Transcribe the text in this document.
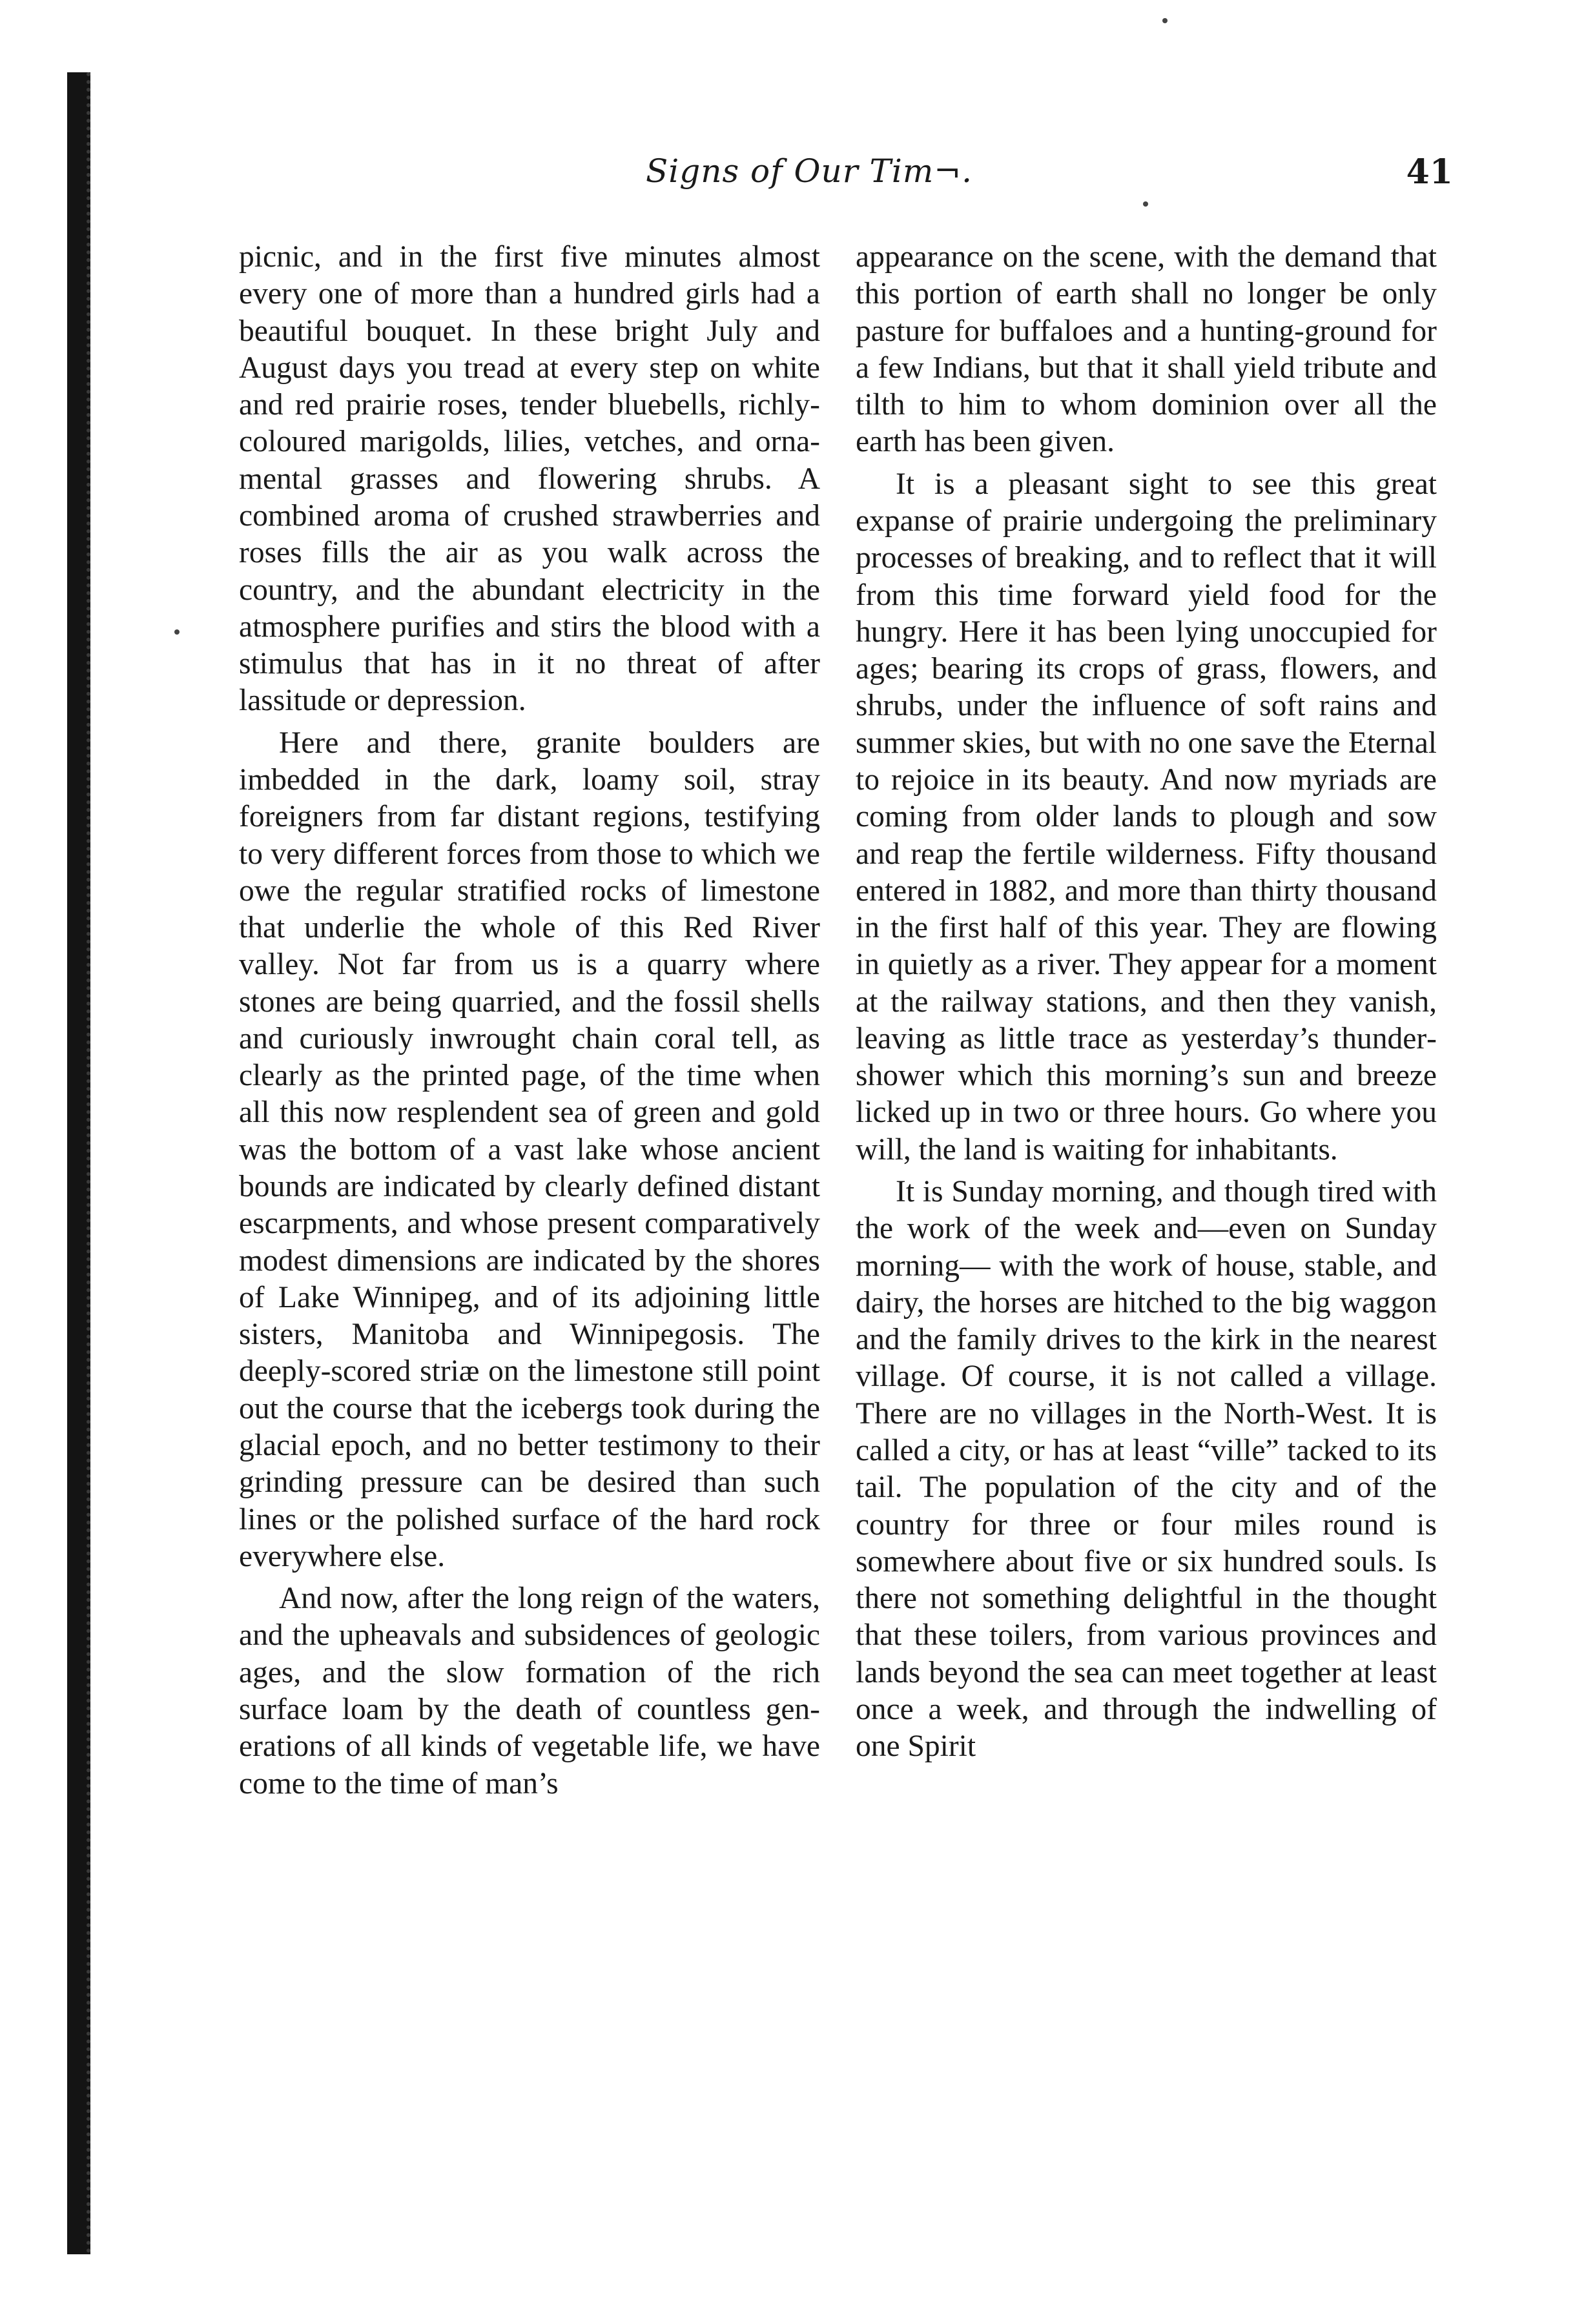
Signs of Our Tim¬.	41

picnic, and in the first five minutes almost every one of more than a hundred girls had a beautiful bouquet. In these bright July and August days you tread at every step on white and red prairie roses, tender bluebells, richly-coloured marigolds, lilies, vetches, and ornamental grasses and flowering shrubs. A combined aroma of crushed strawberries and roses fills the air as you walk across the country, and the abundant electricity in the atmosphere purifies and stirs the blood with a stimulus that has in it no threat of after lassitude or depression.

Here and there, granite boulders are imbedded in the dark, loamy soil, stray foreigners from far distant regions, testifying to very different forces from those to which we owe the regular stratified rocks of limestone that underlie the whole of this Red River valley. Not far from us is a quarry where stones are being quarried, and the fossil shells and curiously inwrought chain coral tell, as clearly as the printed page, of the time when all this now resplendent sea of green and gold was the bottom of a vast lake whose ancient bounds are indicated by clearly defined distant escarpments, and whose present comparatively modest dimensions are indicated by the shores of Lake Winnipeg, and of its adjoining little sisters, Manitoba and Winnipegosis. The deeply-scored striæ on the limestone still point out the course that the icebergs took during the glacial epoch, and no better testimony to their grinding pressure can be desired than such lines or the polished surface of the hard rock everywhere else.

And now, after the long reign of the waters, and the upheavals and subsidences of geologic ages, and the slow formation of the rich surface loam by the death of countless generations of all kinds of vegetable life, we have come to the time of man’s

appearance on the scene, with the demand that this portion of earth shall no longer be only pasture for buffaloes and a hunting-ground for a few Indians, but that it shall yield tribute and tilth to him to whom dominion over all the earth has been given.

It is a pleasant sight to see this great expanse of prairie undergoing the preliminary processes of breaking, and to reflect that it will from this time forward yield food for the hungry. Here it has been lying unoccupied for ages; bearing its crops of grass, flowers, and shrubs, under the influence of soft rains and summer skies, but with no one save the Eternal to rejoice in its beauty. And now myriads are coming from older lands to plough and sow and reap the fertile wilderness. Fifty thousand entered in 1882, and more than thirty thousand in the first half of this year. They are flowing in quietly as a river. They appear for a moment at the railway stations, and then they vanish, leaving as little trace as yesterday’s thundershower which this morning’s sun and breeze licked up in two or three hours. Go where you will, the land is waiting for inhabitants.

It is Sunday morning, and though tired with the work of the week and—even on Sunday morning— with the work of house, stable, and dairy, the horses are hitched to the big waggon and the family drives to the kirk in the nearest village. Of course, it is not called a village. There are no villages in the North-West. It is called a city, or has at least “ville” tacked to its tail. The population of the city and of the country for three or four miles round is somewhere about five or six hundred souls. Is there not something delightful in the thought that these toilers, from various provinces and lands beyond the sea can meet together at least once a week, and through the indwelling of one Spirit
